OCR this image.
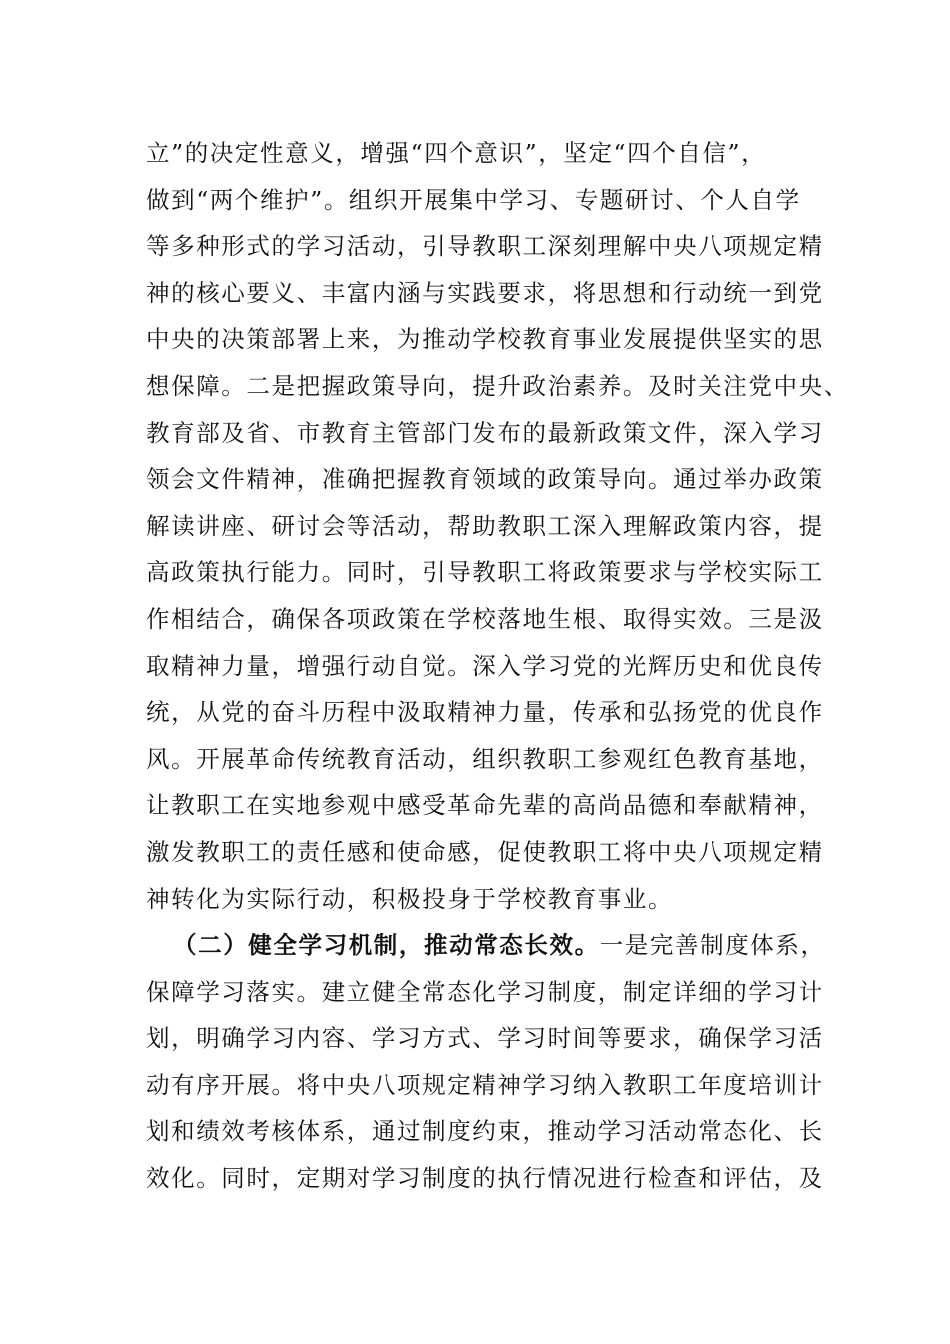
立”的决定性意义，增强“四个意识”，坚定“四个自信”，
做到“两个维护”。组织开展集中学习、专题研讨、个人自学
等多种形式的学习活动，引导教职工深刻理解中央八项规定精
神的核心要义、丰富内涵与实践要求，将思想和行动统一到党
中央的决策部署上来，为推动学校教育事业发展提供坚实的思
想保障。二是把握政策导向，提升政治素养。及时关注党中央、
教育部及省、市教育主管部门发布的最新政策文件，深入学习
领会文件精神，准确把握教育领域的政策导向。通过举办政策
解读讲座、研讨会等活动，帮助教职工深入理解政策内容，提
高政策执行能力。同时，引导教职工将政策要求与学校实际工
作相结合，确保各项政策在学校落地生根、取得实效。三是汲
取精神力量，增强行动自觉。深入学习党的光辉历史和优良传
统，从党的奋斗历程中汲取精神力量，传承和弘扬党的优良作
风。开展革命传统教育活动，组织教职工参观红色教育基地，
让教职工在实地参观中感受革命先辈的高尚品德和奉献精神，
激发教职工的责任感和使命感，促使教职工将中央八项规定精
神转化为实际行动，积极投身于学校教育事业。
（二）健全学习机制，推动常态长效。一是完善制度体系，
保障学习落实。建立健全常态化学习制度，制定详细的学习计
划，明确学习内容、学习方式、学习时间等要求，确保学习活
动有序开展。将中央八项规定精神学习纳入教职工年度培训计
划和绩效考核体系，通过制度约束，推动学习活动常态化、长
效化。同时，定期对学习制度的执行情况进行检查和评估，及
